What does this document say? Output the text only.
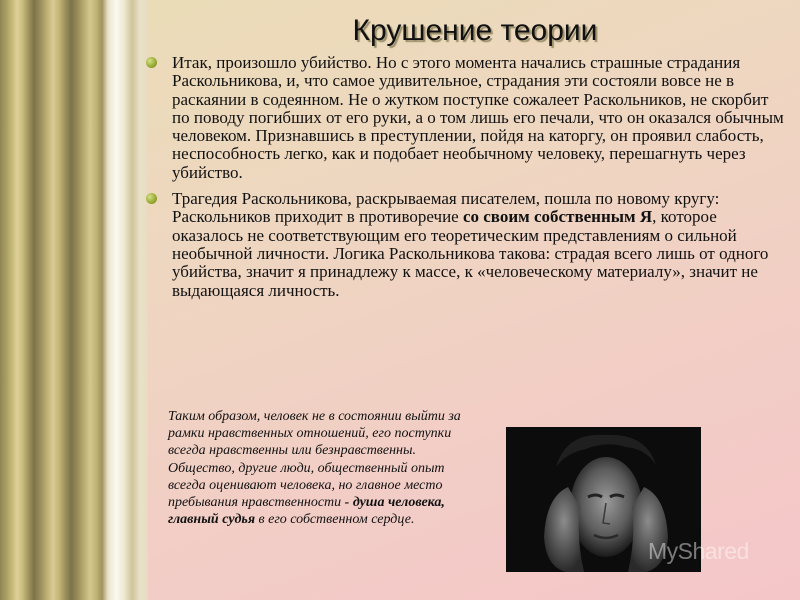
Крушение теории
Итак, произошло убийство. Но с этого момента начались страшные страдания Раскольникова, и, что самое удивительное, страдания эти состояли вовсе не в раскаянии в содеянном. Не о жутком поступке сожалеет Раскольников, не скорбит по поводу погибших от его руки, а о том лишь его печали, что он оказался обычным человеком. Признавшись в преступлении, пойдя на каторгу, он проявил слабость, неспособность легко, как и подобает необычному человеку, перешагнуть через убийство.
Трагедия Раскольникова, раскрываемая писателем, пошла по новому кругу: Раскольников приходит в противоречие со своим собственным Я, которое оказалось не соответствующим его теоретическим представлениям о сильной необычной личности. Логика Раскольникова такова: страдая всего лишь от одного убийства, значит я принадлежу к массе, к «человеческому материалу», значит не выдающаяся личность.
Таким образом, человек не в состоянии выйти за рамки нравственных отношений, его поступки всегда нравственны или безнравственны. Общество, другие люди, общественный опыт всегда оценивают человека, но главное место пребывания нравственности - душа человека, главный судья в его собственном сердце.
MyShared
